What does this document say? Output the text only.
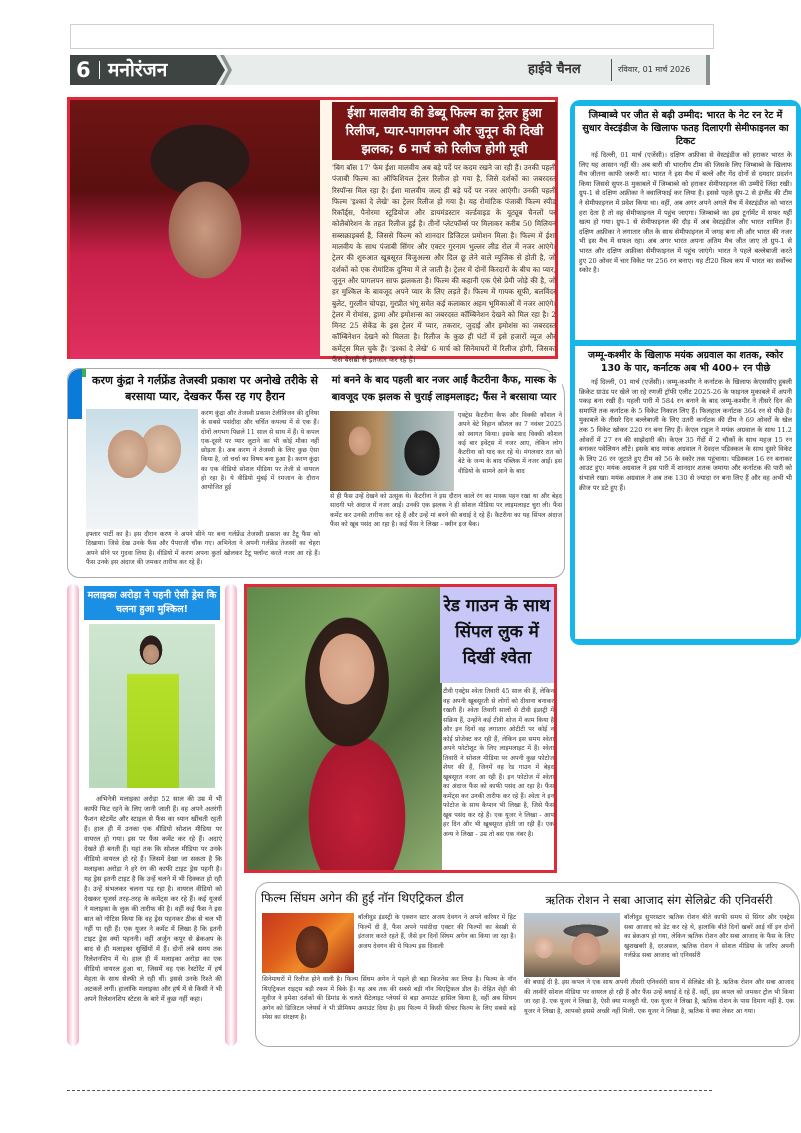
6 मनोरंजन	हाईवे चैनल	रविवार, 01 मार्च 2026
ईशा मालवीय की डेब्यू फिल्म का ट्रेलर हुआ रिलीज, प्यार-पागलपन और जुनून की दिखी झलक; 6 मार्च को रिलीज होगी मूवी
'बिग बॉस 17' फेम ईशा मालवीय अब बड़े पर्दे पर कदम रखने जा रही हैं। उनकी पहली पंजाबी फिल्म का ऑफिशियल ट्रेलर रिलीज हो गया है, जिसे दर्शकों का जबरदस्त रिस्पॉन्स मिल रहा है। ईशा मालवीय जल्द ही बड़े पर्दे पर नजर आएंगी। उनकी पहली फिल्म 'इश्कां दे लेखे' का ट्रेलर रिलीज हो गया है। यह रोमांटिक पंजाबी फिल्म स्पीड रिकॉर्ड्स, पैनोरमा स्टूडियोज और डायमंडस्टार वर्ल्डवाइड के यूट्यूब चैनलों पर कोलैबोरेशन के तहत रिलीज हुई है। तीनों प्लेटफॉर्म्स पर मिलाकर करीब 50 मिलियन सब्सक्राइबर्स हैं, जिससे फिल्म को शानदार डिजिटल प्रमोशन मिला है। फिल्म में ईशा मालवीय के साथ पंजाबी सिंगर और एक्टर गुरनाम भुल्लर लीड रोल में नजर आएंगे। ट्रेलर की शुरुआत खूबसूरत विजुअल्स और दिल छू लेने वाले म्यूजिक से होती है, जो दर्शकों को एक रोमांटिक दुनिया में ले जाती है। ट्रेलर में दोनों किरदारों के बीच का प्यार, जुनून और पागलपन साफ झलकता है। फिल्म की कहानी एक ऐसे प्रेमी जोड़े की है, जो हर मुश्किल के बावजूद अपने प्यार के लिए लड़ते हैं। फिल्म में गायक सूफी, बलविंदर बुलेट, गुरलीन चोपड़ा, गुरप्रीत भंगू समेत कई कलाकार अहम भूमिकाओं में नजर आएंगे। ट्रेलर में रोमांस, ड्रामा और इमोशन्स का जबरदस्त कॉम्बिनेशन देखने को मिल रहा है। 2 मिनट 25 सेकेंड के इस ट्रेलर में प्यार, तकरार, जुदाई और इमोशंस का जबरदस्त कॉम्बिनेशन देखने को मिलता है। रिलीज के कुछ ही घंटों में इसे हजारों व्यूज और कमेंट्स मिल चुके हैं। 'इश्कां दे लेखे' 6 मार्च को सिनेमाघरों में रिलीज होगी, जिसका फैंस बेसब्री से इंतजार कर रहे हैं।
जिम्बाब्वे पर जीत से बढ़ी उम्मीद: भारत के नेट रन रेट में सुधार वेस्टइंडीज के खिलाफ फतह दिलाएगी सेमीफाइनल का टिकट

नई दिल्ली, 01 मार्च (एजेंसी)। दक्षिण अफ्रीका से वेस्टइंडीज को हराकर भारत के लिए यह आसान नहीं थी। अब बारी थी भारतीय टीम की जिसके लिए जिम्बाब्वे के खिलाफ मैच जीतना काफी जरूरी था। भारत ने इस मैच में बल्ले और गेंद दोनों से दमदार प्रदर्शन किया जिससे सुपर-8 मुकाबले में जिम्बाब्वे को हराकर सेमीफाइनल की उम्मीदें जिंदा रखी। ग्रुप-1 से दक्षिण अफ्रीका ने क्वालिफाई कर लिया है। इससे पहले ग्रुप-2 से इंग्लैंड की टीम ने सेमीफाइनल में प्रवेश किया था। वहीं, अब अगर अपने अगले मैच में वेस्टइंडीज को भारत हरा देता है तो वह सेमीफाइनल में पहुंच जाएगा। जिम्बाब्वे का इस टूर्नामेंट में सफर यहीं खत्म हो गया। ग्रुप-1 से सेमीफाइनल की दौड़ में अब वेस्टइंडीज और भारत शामिल हैं। दक्षिण अफ्रीका ने लगातार जीत के साथ सेमीफाइनल में जगह बना ली और भारत की नजर भी इस मैच में सफल रहा। अब अगर भारत अपना अंतिम मैच जीत जाए तो ग्रुप-1 से भारत और दक्षिण अफ्रीका सेमीफाइनल में पहुंच जाएंगे। भारत ने पहले बल्लेबाजी करते हुए 20 ओवर में चार विकेट पर 256 रन बनाए। यह टी20 विश्व कप में भारत का सर्वोच्च स्कोर है।

जम्मू-कश्मीर के खिलाफ मयंक अग्रवाल का शतक, स्कोर 130 के पार, कर्नाटक अब भी 400+ रन पीछे

नई दिल्ली, 01 मार्च (एजेंसी)। जम्मू-कश्मीर ने कर्नाटक के खिलाफ केएससीए हुबली क्रिकेट ग्राउंड पर खेले जा रहे रणजी ट्रॉफी एलीट 2025-26 के फाइनल मुकाबले में अपनी पकड़ बना रखी है। पहली पारी में 584 रन बनाने के बाद जम्मू-कश्मीर ने तीसरे दिन की समाप्ति तक कर्नाटक के 5 विकेट निकाल लिए हैं। फिलहाल कर्नाटक 364 रन से पीछे है। मुकाबले के तीसरे दिन बल्लेबाजी के लिए उतरी कर्नाटक की टीम ने 69 ओवरों के खेल तक 5 विकेट खोकर 220 रन बना लिए हैं। केएल राहुल ने मयंक अग्रवाल के साथ 11.2 ओवरों में 27 रन की साझेदारी की। केएल 35 गेंदों में 2 चौकों के साथ महज 15 रन बनाकर पवेलियन लौटे। इसके बाद मयंक अग्रवाल ने देवदत्त पडिक्कल के साथ दूसरे विकेट के लिए 26 रन जुटाते हुए टीम को 56 के स्कोर तक पहुंचाया। पडिक्कल 16 रन बनाकर आउट हुए। मयंक अग्रवाल ने इस पारी में शानदार शतक जमाया और कर्नाटक की पारी को संभाले रखा। मयंक अग्रवाल ने अब तक 130 से ज्यादा रन बना लिए हैं और वह अभी भी क्रीज पर डटे हुए हैं।

करण कुंद्रा ने गर्लफ्रेंड तेजस्वी प्रकाश पर अनोखे तरीके से बरसाया प्यार, देखकर फैंस रह गए हैरान
करण कुंद्रा और तेजस्वी प्रकाश टेलीविजन की दुनिया के सबसे पसंदीदा और चर्चित कपल्स में से एक हैं। दोनों लगभग पिछले 11 साल से साथ में हैं। ये कपल एक-दूसरे पर प्यार लुटाने का भी कोई मौका नहीं छोड़ता है। अब करण ने तेजस्वी के लिए कुछ ऐसा किया है, जो चर्चा का विषय बना हुआ है। करण कुंद्रा का एक वीडियो सोशल मीडिया पर तेजी से वायरल हो रहा है। ये वीडियो मुंबई में रमजान के दौरान आयोजित हुई
इफ्तार पार्टी का है। इस दौरान करण ने अपने सीने पर बना गर्लफ्रेंड तेजस्वी प्रकाश का टैटू फैंस को दिखाया। जिसे देख उनके फैंस और पैपराजी चौंक गए। अभिनेता ने अपनी गर्लफ्रेंड तेजस्वी का चेहरा अपने सीने पर गुदवा लिया है। वीडियो में करण अपना कुर्ता खोलकर टैटू फ्लॉन्ट करते नजर आ रहे हैं। फैंस उनके इस अंदाज की जमकर तारीफ कर रहे हैं।
एक्ट्रेस कैटरीना कैफ और विक्की कौशल ने अपने बेटे विहान कौशल का 7 नवंबर 2025 को स्वागत किया। इसके बाद विक्की कौशल कई बार इवेंट्स में नजर आए, लेकिन लोग कैटरीना को याद कर रहे थे। मंगलवार रात को बेटे के जन्म के बाद पब्लिक में नजर आईं। इस वीडियो के सामने आने के बाद
से ही फैंस उन्हें देखने को उत्सुक थे। कैटरीना ने इस दौरान काले रंग का मास्क पहन रखा था और बेहद सादगी भरे अंदाज में नजर आईं। उनकी एक झलक ने ही सोशल मीडिया पर लाइमलाइट चुरा ली। फैंस कमेंट कर उनकी तारीफ कर रहे हैं और उन्हें मां बनने की बधाई दे रहे हैं। कैटरीना का यह सिंपल अंदाज फैंस को खूब पसंद आ रहा है। कई फैंस ने लिखा - क्वीन इज बैक।
मां बनने के बाद पहली बार नजर आईं कैटरीना कैफ, मास्क के बावजूद एक झलक से चुराई लाइमलाइट; फैंस ने बरसाया प्यार
मलाइका अरोड़ा ने पहनी ऐसी ड्रेस कि चलना हुआ मुश्किल!
अभिनेत्री मलाइका अरोड़ा 52 साल की उम्र में भी काफी फिट रहने के लिए जानी जाती हैं। वह अपने अतरंगी फैशन स्टेटमेंट और स्टाइल से फैंस का ध्यान खींचती रहती हैं। हाल ही में उनका एक वीडियो सोशल मीडिया पर वायरल हो गया। इस पर फैंस कमेंट कर रहे हैं। अदाएं देखते ही बनती हैं। यहां तक कि सोशल मीडिया पर उनके वीडियो वायरल हो रहे हैं। जिसमें देखा जा सकता है कि मलाइका अरोड़ा ने हरे रंग की काफी टाइट ड्रेस पहनी है। यह ड्रेस इतनी टाइट है कि उन्हें चलने में भी दिक्कत हो रही है। उन्हें संभलकर चलना पड़ रहा है। वायरल वीडियो को देखकर यूजर्स तरह-तरह के कमेंट्स कर रहे हैं। कई यूजर्स ने मलाइका के लुक की तारीफ की है। वहीं कई फैंस ने इस बात को नोटिस किया कि वह ड्रेस पहनकर ठीक से चल भी नहीं पा रही हैं। एक यूजर ने कमेंट में लिखा है कि इतनी टाइट ड्रेस क्यों पहननी। वहीं अर्जुन कपूर से ब्रेकअप के बाद से ही मलाइका सुर्खियों में हैं। दोनों लंबे समय तक रिलेशनशिप में थे। हाल ही में मलाइका अरोड़ा का एक वीडियो वायरल हुआ था, जिसमें वह एक रेस्टोरेंट में हर्ष मेहता के साथ सेल्फी ले रही थीं। इससे उनके रिश्ते की अटकलें लगीं। हालांकि मलाइका और हर्ष में से किसी ने भी अपने रिलेशनशिप स्टेटस के बारे में कुछ नहीं कहा।
रेड गाउन के साथ सिंपल लुक में दिखीं श्वेता
टीवी एक्ट्रेस श्वेता तिवारी 45 साल की हैं, लेकिन वह अपनी खूबसूरती से लोगों को दीवाना बनाकर रखती हैं। श्वेता तिवारी सालों से टीवी इंडस्ट्री में सक्रिय हैं, उन्होंने कई टीवी शोज में काम किया है और इन दिनों वह लगातार ओटीटी पर कोई न कोई प्रोजेक्ट कर रही हैं, लेकिन इस समय श्वेता अपने फोटोशूट के लिए लाइमलाइट में हैं। श्वेता तिवारी ने सोशल मीडिया पर अपनी कुछ फोटोज शेयर की हैं, जिनमें वह रेड गाउन में बेहद खूबसूरत नजर आ रही हैं। इन फोटोज में श्वेता का अंदाज फैंस को काफी पसंद आ रहा है। फैंस कमेंट्स कर उनकी तारीफ कर रहे हैं। श्वेता ने इन फोटोज के साथ कैप्शन भी लिखा है, जिसे फैंस खूब पसंद कर रहे हैं। एक यूजर ने लिखा - आप हर दिन और भी खूबसूरत होती जा रही हैं। एक अन्य ने लिखा - उम्र तो बस एक नंबर है।
फिल्म सिंघम अगेन की हुई नॉन थिएट्रिकल डील
बॉलीवुड इंडस्ट्री के एक्शन स्टार अजय देवगन ने अपने करियर में हिट फिल्में दी हैं, फैंस अपने पसंदीदा एक्टर की फिल्मों का बेसब्री से इंतजार करते रहते हैं, जैसे इन दिनों सिंघम अगेन का किया जा रहा है। अजय देवगन की ये फिल्म इस दिवाली
सिनेमाघरों में रिलीज होने वाली है। फिल्म सिंघम अगेन ने पहले ही बड़ा बिजनेस कर लिया है। फिल्म के नॉन थिएट्रिकल राइट्स बड़ी रकम में बिके हैं। यह अब तक की सबसे बड़ी नॉन थिएट्रिकल डील है। रोहित शेट्टी की मूवीज ने हमेशा दर्शकों की डिमांड के चलते सैटेलाइट प्लेयर्स से बड़ा अमाउंट हासिल किया है, वहीं अब सिंघम अगेन को डिजिटल प्लेयर्स ने भी प्रीमियम अमाउंट दिया है। इस फिल्म में किसी फीचर फिल्म के लिए सबसे बड़े स्पेस का संरक्षण है।
ऋतिक रोशन ने सबा आजाद संग सेलिब्रेट की एनिवर्सरी
बॉलीवुड सुपरस्टार ऋतिक रोशन बीते काफी समय से सिंगर और एक्ट्रेस सबा आजाद को डेट कर रहे थे, हालांकि बीते दिनों खबरें आई थीं इन दोनों का ब्रेकअप हो गया, लेकिन ऋतिक रोशन और सबा आजाद के फैंस के लिए खुशखबरी है, दरअसल, ऋतिक रोशन ने सोशल मीडिया के जरिए अपनी गर्लफ्रेंड सबा आजाद को एनिवर्सरी
की बधाई दी है. इस कपल ने एक साथ अपनी तीसरी एनिवर्सरी साथ में सेलिब्रेट की है. ऋतिक रोशन और सबा आजाद की तस्वीरें सोशल मीडिया पर वायरल हो रही हैं और फैंस उन्हें बधाई दे रहे हैं. वहीं, इस कपल को जमकर ट्रोल भी किया जा रहा है. एक यूजर ने लिखा है, ऐसी क्या मजबूरी थी. एक यूजर ने लिखा है, ऋतिक रोशन के पास दिमाग नहीं है. एक यूजर ने लिखा है, आपको इससे अच्छी नहीं मिली. एक यूजर ने लिखा है, ऋतिक ये क्या लेकर आ गया।
